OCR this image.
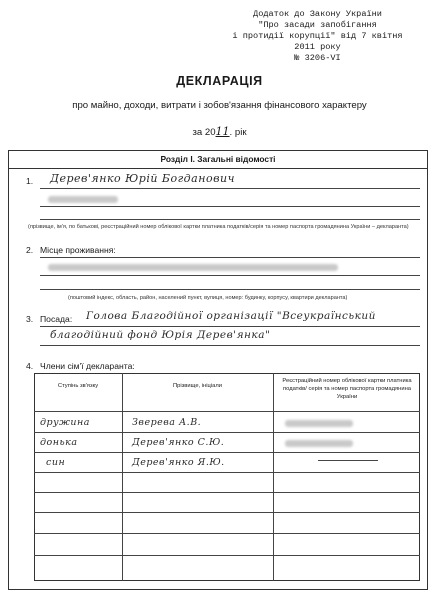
Додаток до Закону України
"Про засади запобігання
і протидії корупції" від 7 квітня
2011 року
№ 3206-VI
ДЕКЛАРАЦІЯ
про майно, доходи, витрати і зобов'язання фінансового характеру
за 2011. рік
Розділ І. Загальні відомості
1. Дерев'янко Юрій Богданович
(прізвище, ім'я, по батькові, реєстраційний номер облікової картки платника податків/серія та номер паспорта громадянина України – декларанта)
2. Місце проживання:
(поштовий індекс, область, район, населений пункт, вулиця, номер: будинку, корпусу, квартири декларанта)
3. Посада: Голова Благодійної організації "Всеукраїнський
благодійний фонд Юрія Дерев'янка"
4. Члени сім'ї декларанта:
Ступінь зв'язку	Прізвище, ініціали
Реєстраційний номер облікової картки платника податків/ серія та номер паспорта громадянина України
дружина	Зверева А.В.
донька	Дерев'янко С.Ю.
син	Дерев'янко Я.Ю.
